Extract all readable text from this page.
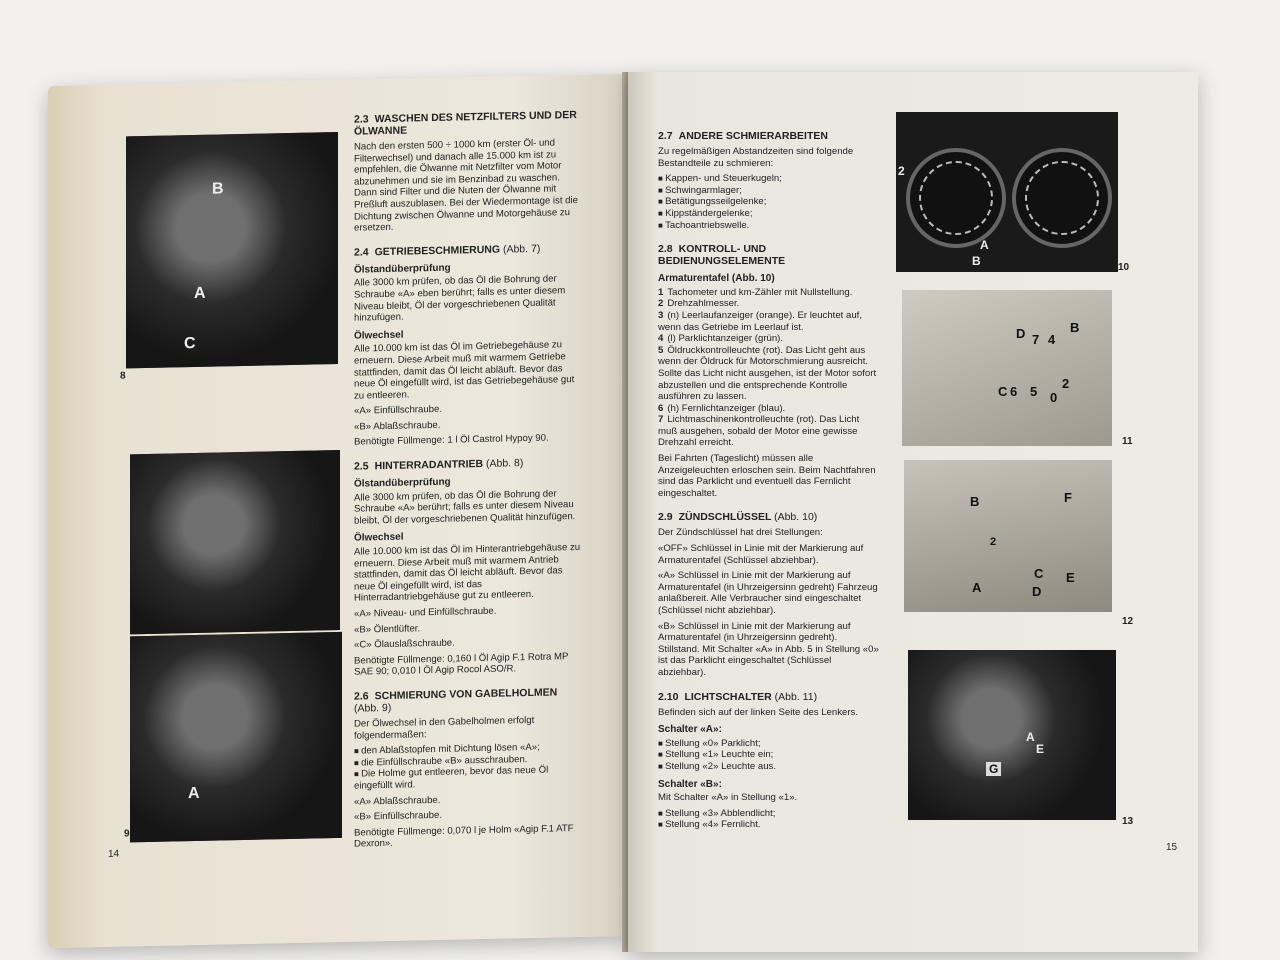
B
A
C
8
A
9
2.3 WASCHEN DES NETZFILTERS UND DER ÖLWANNE

Nach den ersten 500 ÷ 1000 km (erster Öl- und Filterwechsel) und danach alle 15.000 km ist zu empfehlen, die Ölwanne mit Netzfilter vom Motor abzunehmen und sie im Benzinbad zu waschen. Dann sind Filter und die Nuten der Ölwanne mit Preßluft auszublasen. Bei der Wiedermontage ist die Dichtung zwischen Ölwanne und Motorgehäuse zu ersetzen.

2.4 GETRIEBESCHMIERUNG (Abb. 7)
Ölstandüberprüfung

Alle 3000 km prüfen, ob das Öl die Bohrung der Schraube «A» eben berührt; falls es unter diesem Niveau bleibt, Öl der vorgeschriebenen Qualität hinzufügen.

Ölwechsel

Alle 10.000 km ist das Öl im Getriebegehäuse zu erneuern. Diese Arbeit muß mit warmem Getriebe stattfinden, damit das Öl leicht abläuft. Bevor das neue Öl eingefüllt wird, ist das Getriebegehäuse gut zu entleeren.

«A» Einfüllschraube.

«B» Ablaßschraube.

Benötigte Füllmenge: 1 l Öl Castrol Hypoy 90.

2.5 HINTERRADANTRIEB (Abb. 8)
Ölstandüberprüfung

Alle 3000 km prüfen, ob das Öl die Bohrung der Schraube «A» berührt; falls es unter diesem Niveau bleibt, Öl der vorgeschriebenen Qualität hinzufügen.

Ölwechsel

Alle 10.000 km ist das Öl im Hinterantriebgehäuse zu erneuern. Diese Arbeit muß mit warmem Antrieb stattfinden, damit das Öl leicht abläuft. Bevor das neue Öl eingefüllt wird, ist das Hinterradantriebgehäuse gut zu entleeren.

«A» Niveau- und Einfüllschraube.

«B» Ölentlüfter.

«C» Ölauslaßschraube.

Benötigte Füllmenge: 0,160 l Öl Agip F.1 Rotra MP SAE 90; 0,010 l Öl Agip Rocol ASO/R.

2.6 SCHMIERUNG VON GABELHOLMEN (Abb. 9)

Der Ölwechsel in den Gabelholmen erfolgt folgendermaßen:

■ den Ablaßstopfen mit Dichtung lösen «A»;
■ die Einfüllschraube «B» ausschrauben.
■ Die Holme gut entleeren, bevor das neue Öl eingefüllt wird.

«A» Ablaßschraube.

«B» Einfüllschraube.

Benötigte Füllmenge: 0,070 l je Holm «Agip F.1 ATF Dexron».

14
2
A
B	10
D	B
7 4
C 6 5 0
2
11
B	F
2
C
A	D
E
12
A
E
G
13
2.7 ANDERE SCHMIERARBEITEN

Zu regelmäßigen Abstandzeiten sind folgende Bestandteile zu schmieren:

■ Kappen- und Steuerkugeln;
■ Schwingarmlager;
■ Betätigungsseilgelenke;
■ Kippständergelenke;
■ Tachoantriebswelle.
2.8 KONTROLL- UND BEDIENUNGSELEMENTE
Armaturentafel (Abb. 10)
1 Tachometer und km-Zähler mit Nullstellung.
2 Drehzahlmesser.
3 (n) Leerlaufanzeiger (orange). Er leuchtet auf, wenn das Getriebe im Leerlauf ist.
4 (l) Parklichtanzeiger (grün).
5 Öldruckkontrolleuchte (rot). Das Licht geht aus wenn der Öldruck für Motorschmierung ausreicht. Sollte das Licht nicht ausgehen, ist der Motor sofort abzustellen und die entsprechende Kontrolle ausführen zu lassen.
6 (h) Fernlichtanzeiger (blau).
7 Lichtmaschinenkontrolleuchte (rot). Das Licht muß ausgehen, sobald der Motor eine gewisse Drehzahl erreicht.

Bei Fahrten (Tageslicht) müssen alle Anzeigeleuchten erloschen sein. Beim Nachtfahren sind das Parklicht und eventuell das Fernlicht eingeschaltet.

2.9 ZÜNDSCHLÜSSEL (Abb. 10)

Der Zündschlüssel hat drei Stellungen:

«OFF» Schlüssel in Linie mit der Markierung auf Armaturentafel (Schlüssel abziehbar).

«A» Schlüssel in Linie mit der Markierung auf Armaturentafel (in Uhrzeigersinn gedreht) Fahrzeug anlaßbereit. Alle Verbraucher sind eingeschaltet (Schlüssel nicht abziehbar).

«B» Schlüssel in Linie mit der Markierung auf Armaturentafel (in Uhrzeigersinn gedreht). Stillstand. Mit Schalter «A» in Abb. 5 in Stellung «0» ist das Parklicht eingeschaltet (Schlüssel abziehbar).

2.10 LICHTSCHALTER (Abb. 11)

Befinden sich auf der linken Seite des Lenkers.

Schalter «A»:
■ Stellung «0» Parklicht;
■ Stellung «1» Leuchte ein;
■ Stellung «2» Leuchte aus.
Schalter «B»:

Mit Schalter «A» in Stellung «1».

■ Stellung «3» Abblendlicht;
■ Stellung «4» Fernlicht.
15
